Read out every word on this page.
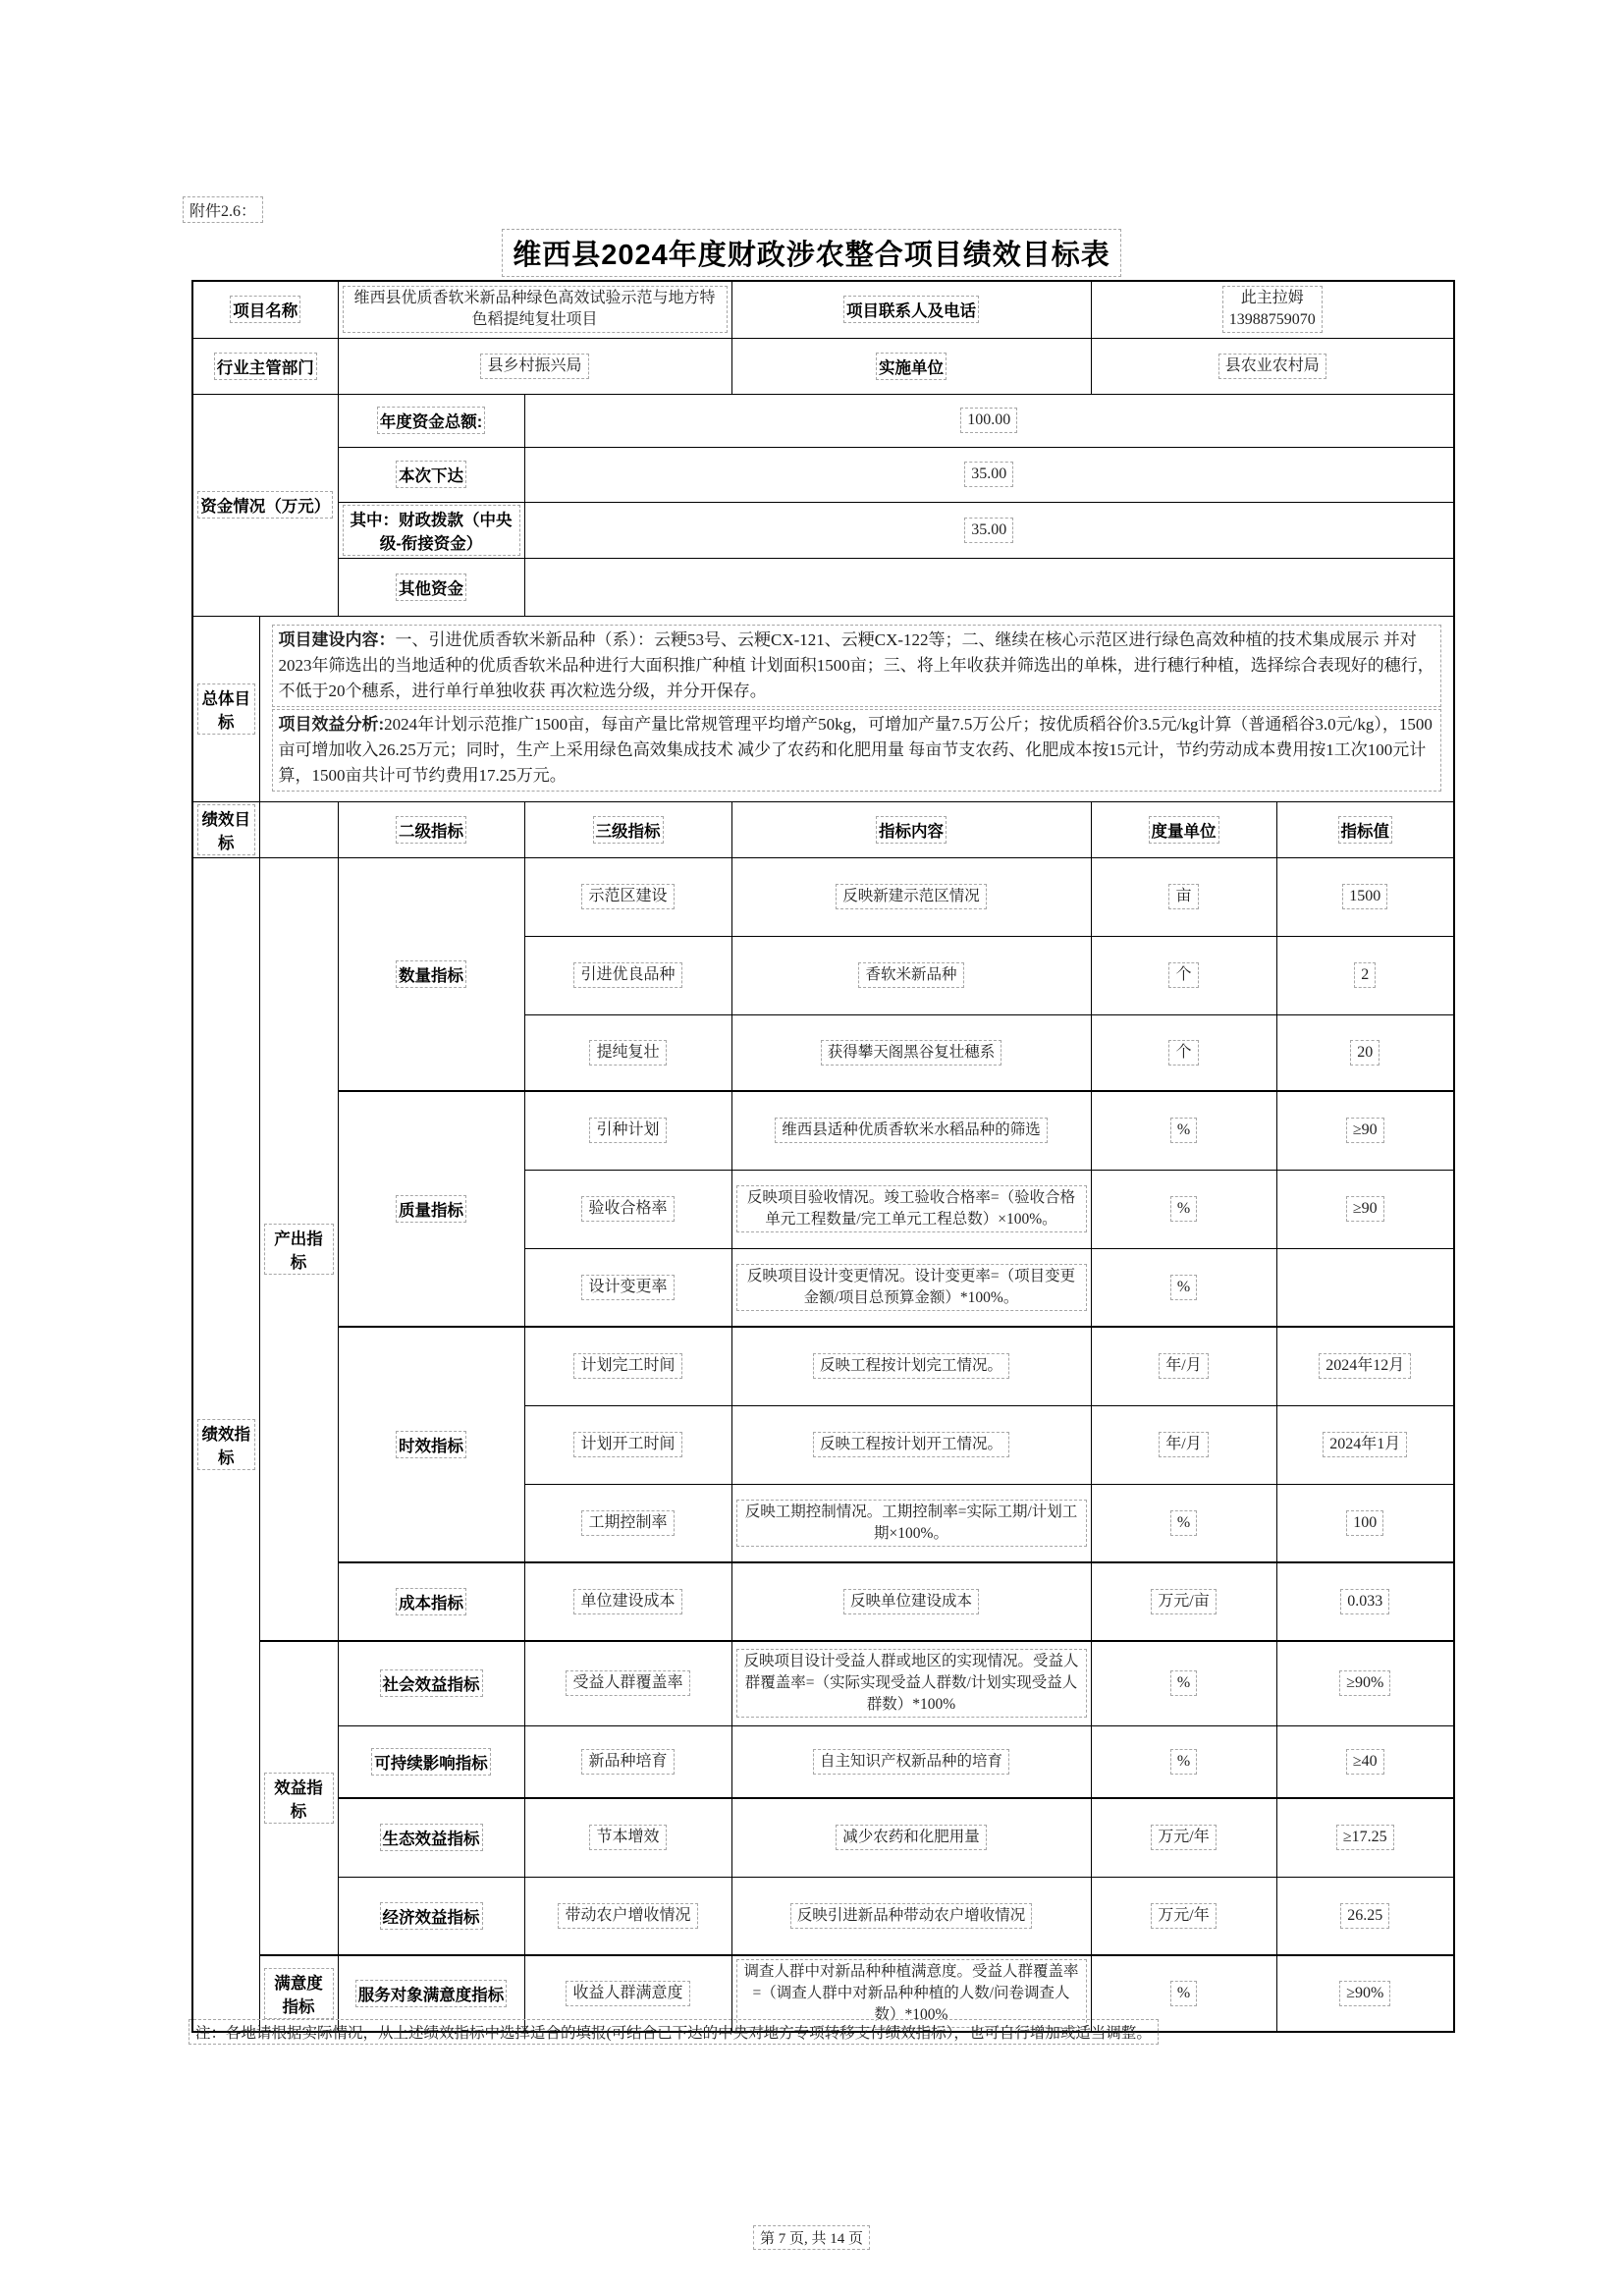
附件2.6：
维西县2024年度财政涉农整合项目绩效目标表
项目名称		维西县优质香软米新品种绿色高效试验示范与地方特色稻提纯复壮项目		项目联系人及电话	此主拉姆
13988759070	
行业主管部门		县乡村振兴局		实施单位	县农业农村局	
资金情况（万元）		年度资金总额:	100.00			
		本次下达	35.00			
		其中：财政拨款（中央级-衔接资金）	35.00			
		其他资金				
总体目标	项目建设内容：一、引进优质香软米新品种（系）：云粳53号、云粳CX-121、云粳CX-122等；二、继续在核心示范区进行绿色高效种植的技术集成展示 并对2023年筛选出的当地适种的优质香软米品种进行大面积推广种植 计划面积1500亩；三、将上年收获并筛选出的单株，进行穗行种植，选择综合表现好的穗行，不低于20个穗系，进行单行单独收获 再次粒选分级，并分开保存。
项目效益分析:2024年计划示范推广1500亩，每亩产量比常规管理平均增产50kg，可增加产量7.5万公斤；按优质稻谷价3.5元/kg计算（普通稻谷3.0元/kg），1500亩可增加收入26.25万元；同时，生产上采用绿色高效集成技术 减少了农药和化肥用量 每亩节支农药、化肥成本按15元计，节约劳动成本费用按1工次100元计算，1500亩共计可节约费用17.25万元。					

绩效目标		二级指标	三级指标	指标内容	度量单位	指标值
绩效指标	产出指标	数量指标	示范区建设	反映新建示范区情况	亩	1500
			引进优良品种	香软米新品种	个	2
			提纯复壮	获得攀天阁黑谷复壮穗系	个	20
		质量指标	引种计划	维西县适种优质香软米水稻品种的筛选	%	≥90
			验收合格率	反映项目验收情况。竣工验收合格率=（验收合格单元工程数量/完工单元工程总数）×100%。	%	≥90
			设计变更率	反映项目设计变更情况。设计变更率=（项目变更金额/项目总预算金额）*100%。	%	
		时效指标	计划完工时间	反映工程按计划完工情况。	年/月	2024年12月
			计划开工时间	反映工程按计划开工情况。	年/月	2024年1月
			工期控制率	反映工期控制情况。工期控制率=实际工期/计划工期×100%。	%	100
		成本指标	单位建设成本	反映单位建设成本	万元/亩	0.033
	效益指标	社会效益指标	受益人群覆盖率	反映项目设计受益人群或地区的实现情况。受益人群覆盖率=（实际实现受益人群数/计划实现受益人群数）*100%	%	≥90%
		可持续影响指标	新品种培育	自主知识产权新品种的培育	%	≥40
		生态效益指标	节本增效	减少农药和化肥用量	万元/年	≥17.25
		经济效益指标	带动农户增收情况	反映引进新品种带动农户增收情况	万元/年	26.25
	满意度指标	服务对象满意度指标	收益人群满意度	调查人群中对新品种种植满意度。受益人群覆盖率=（调查人群中对新品种种植的人数/问卷调查人数）*100%	%	≥90%
注：各地请根据实际情况，从上述绩效指标中选择适合的填报(可结合已下达的中央对地方专项转移支付绩效指标），也可自行增加或适当调整。
第 7 页, 共 14 页
